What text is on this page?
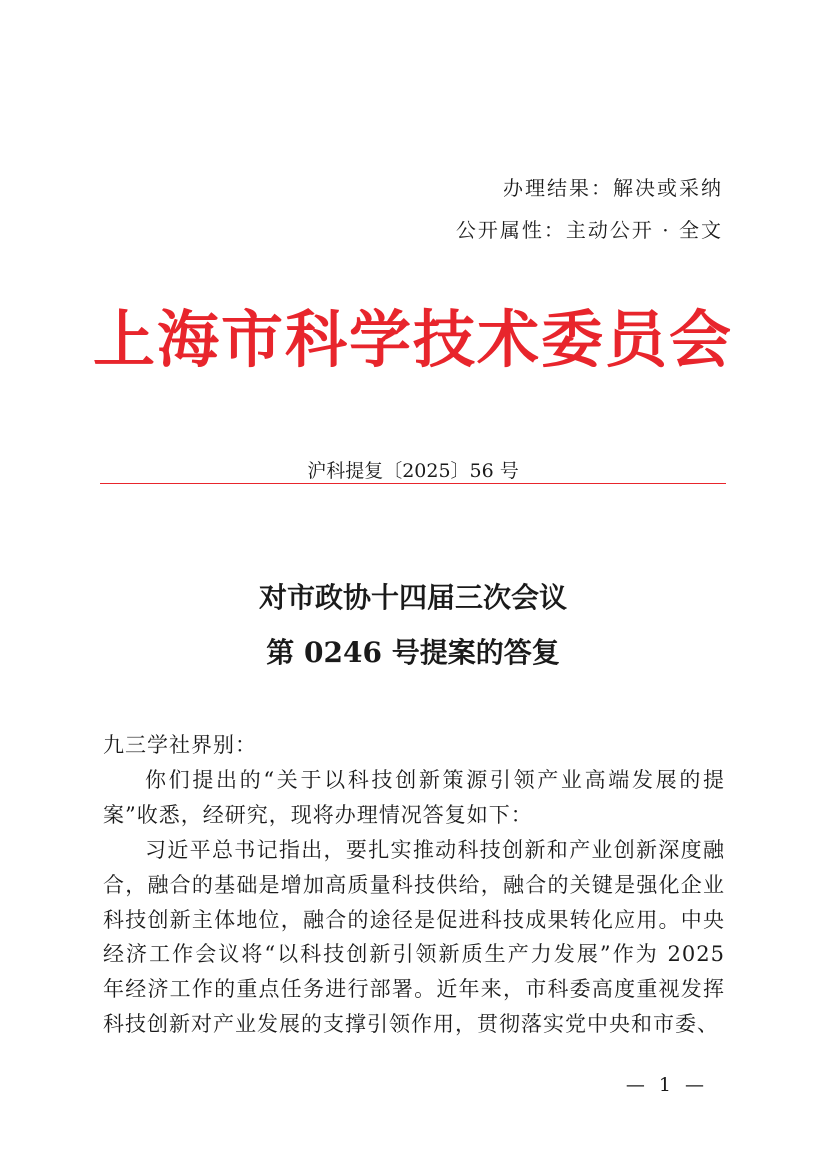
办理结果：解决或采纳
公开属性：主动公开 · 全文
上海市科学技术委员会
沪科提复〔2025〕56 号
对市政协十四届三次会议
第 0246 号提案的答复
九三学社界别：

你们提出的“关于以科技创新策源引领产业高端发展的提案”收悉，经研究，现将办理情况答复如下：

习近平总书记指出，要扎实推动科技创新和产业创新深度融合，融合的基础是增加高质量科技供给，融合的关键是强化企业科技创新主体地位，融合的途径是促进科技成果转化应用。中央经济工作会议将“以科技创新引领新质生产力发展”作为 2025 年经济工作的重点任务进行部署。近年来，市科委高度重视发挥科技创新对产业发展的支撑引领作用，贯彻落实党中央和市委、

— 1 —
